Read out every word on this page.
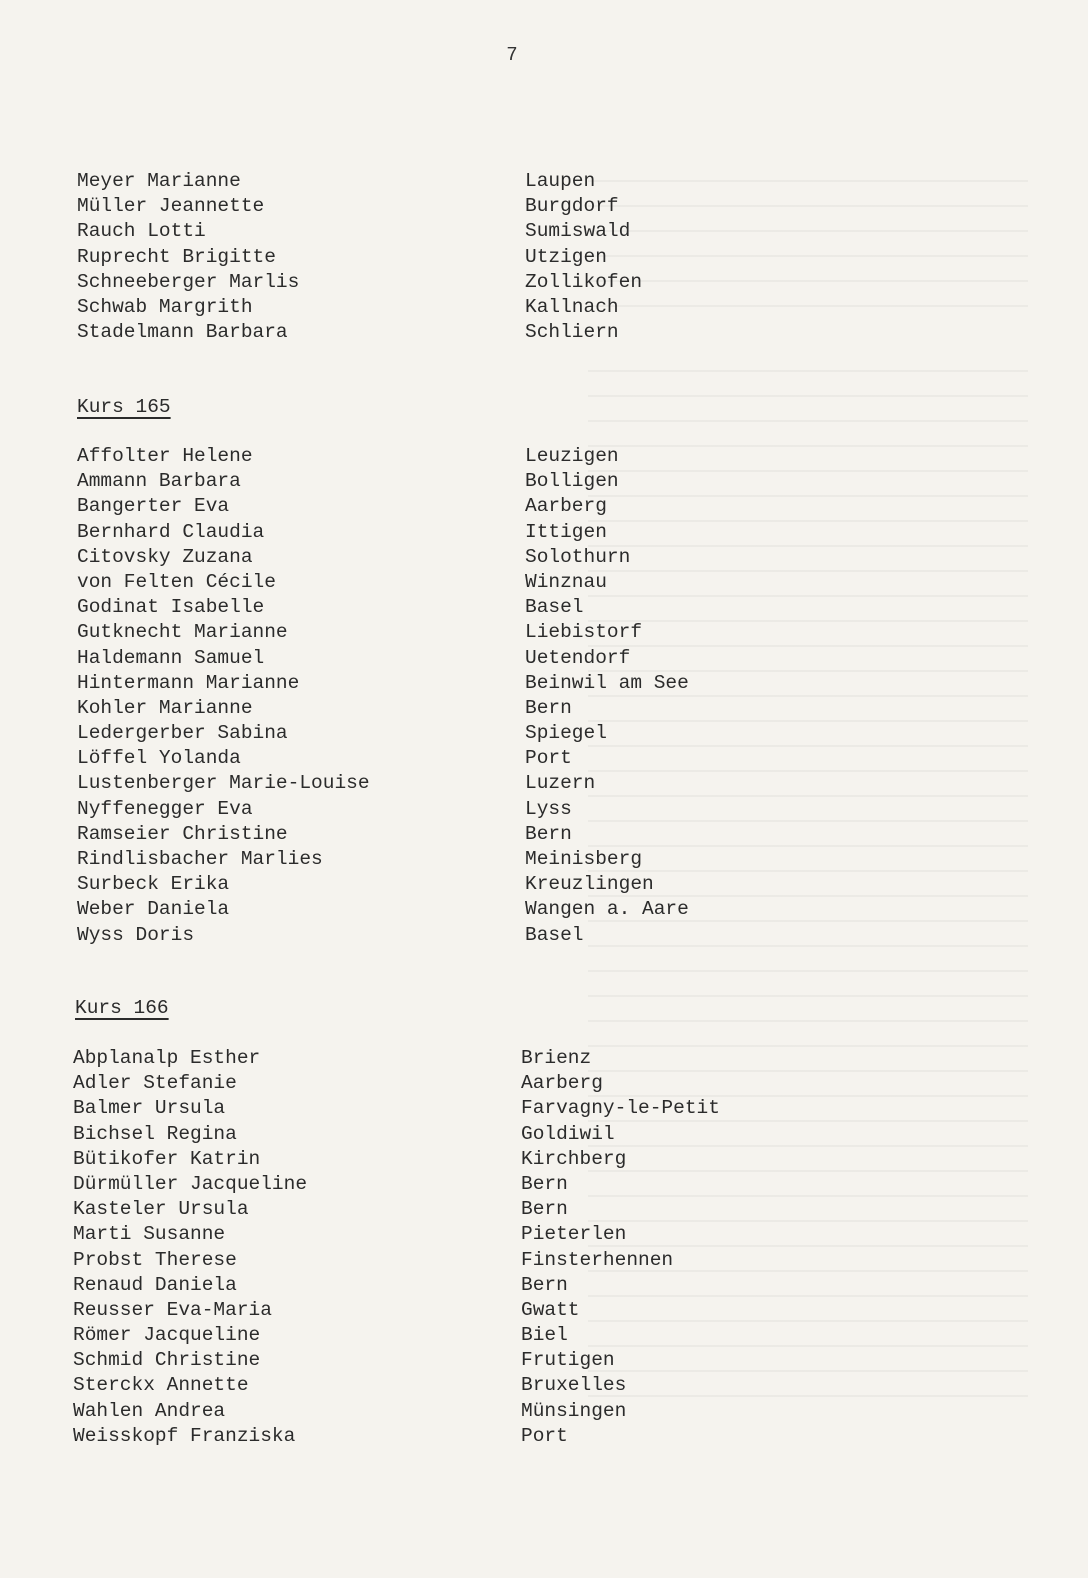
7
Meyer Marianne	Laupen
Müller Jeannette	Burgdorf
Rauch Lotti	Sumiswald
Ruprecht Brigitte	Utzigen
Schneeberger Marlis	Zollikofen
Schwab Margrith	Kallnach
Stadelmann Barbara	Schliern
Kurs 165
Affolter Helene	Leuzigen
Ammann Barbara	Bolligen
Bangerter Eva	Aarberg
Bernhard Claudia	Ittigen
Citovsky Zuzana	Solothurn
von Felten Cécile	Winznau
Godinat Isabelle	Basel
Gutknecht Marianne	Liebistorf
Haldemann Samuel	Uetendorf
Hintermann Marianne	Beinwil am See
Kohler Marianne	Bern
Ledergerber Sabina	Spiegel
Löffel Yolanda	Port
Lustenberger Marie-Louise	Luzern
Nyffenegger Eva	Lyss
Ramseier Christine	Bern
Rindlisbacher Marlies	Meinisberg
Surbeck Erika	Kreuzlingen
Weber Daniela	Wangen a. Aare
Wyss Doris	Basel
Kurs 166
Abplanalp Esther	Brienz
Adler Stefanie	Aarberg
Balmer Ursula	Farvagny-le-Petit
Bichsel Regina	Goldiwil
Bütikofer Katrin	Kirchberg
Dürmüller Jacqueline	Bern
Kasteler Ursula	Bern
Marti Susanne	Pieterlen
Probst Therese	Finsterhennen
Renaud Daniela	Bern
Reusser Eva-Maria	Gwatt
Römer Jacqueline	Biel
Schmid Christine	Frutigen
Sterckx Annette	Bruxelles
Wahlen Andrea	Münsingen
Weisskopf Franziska	Port
